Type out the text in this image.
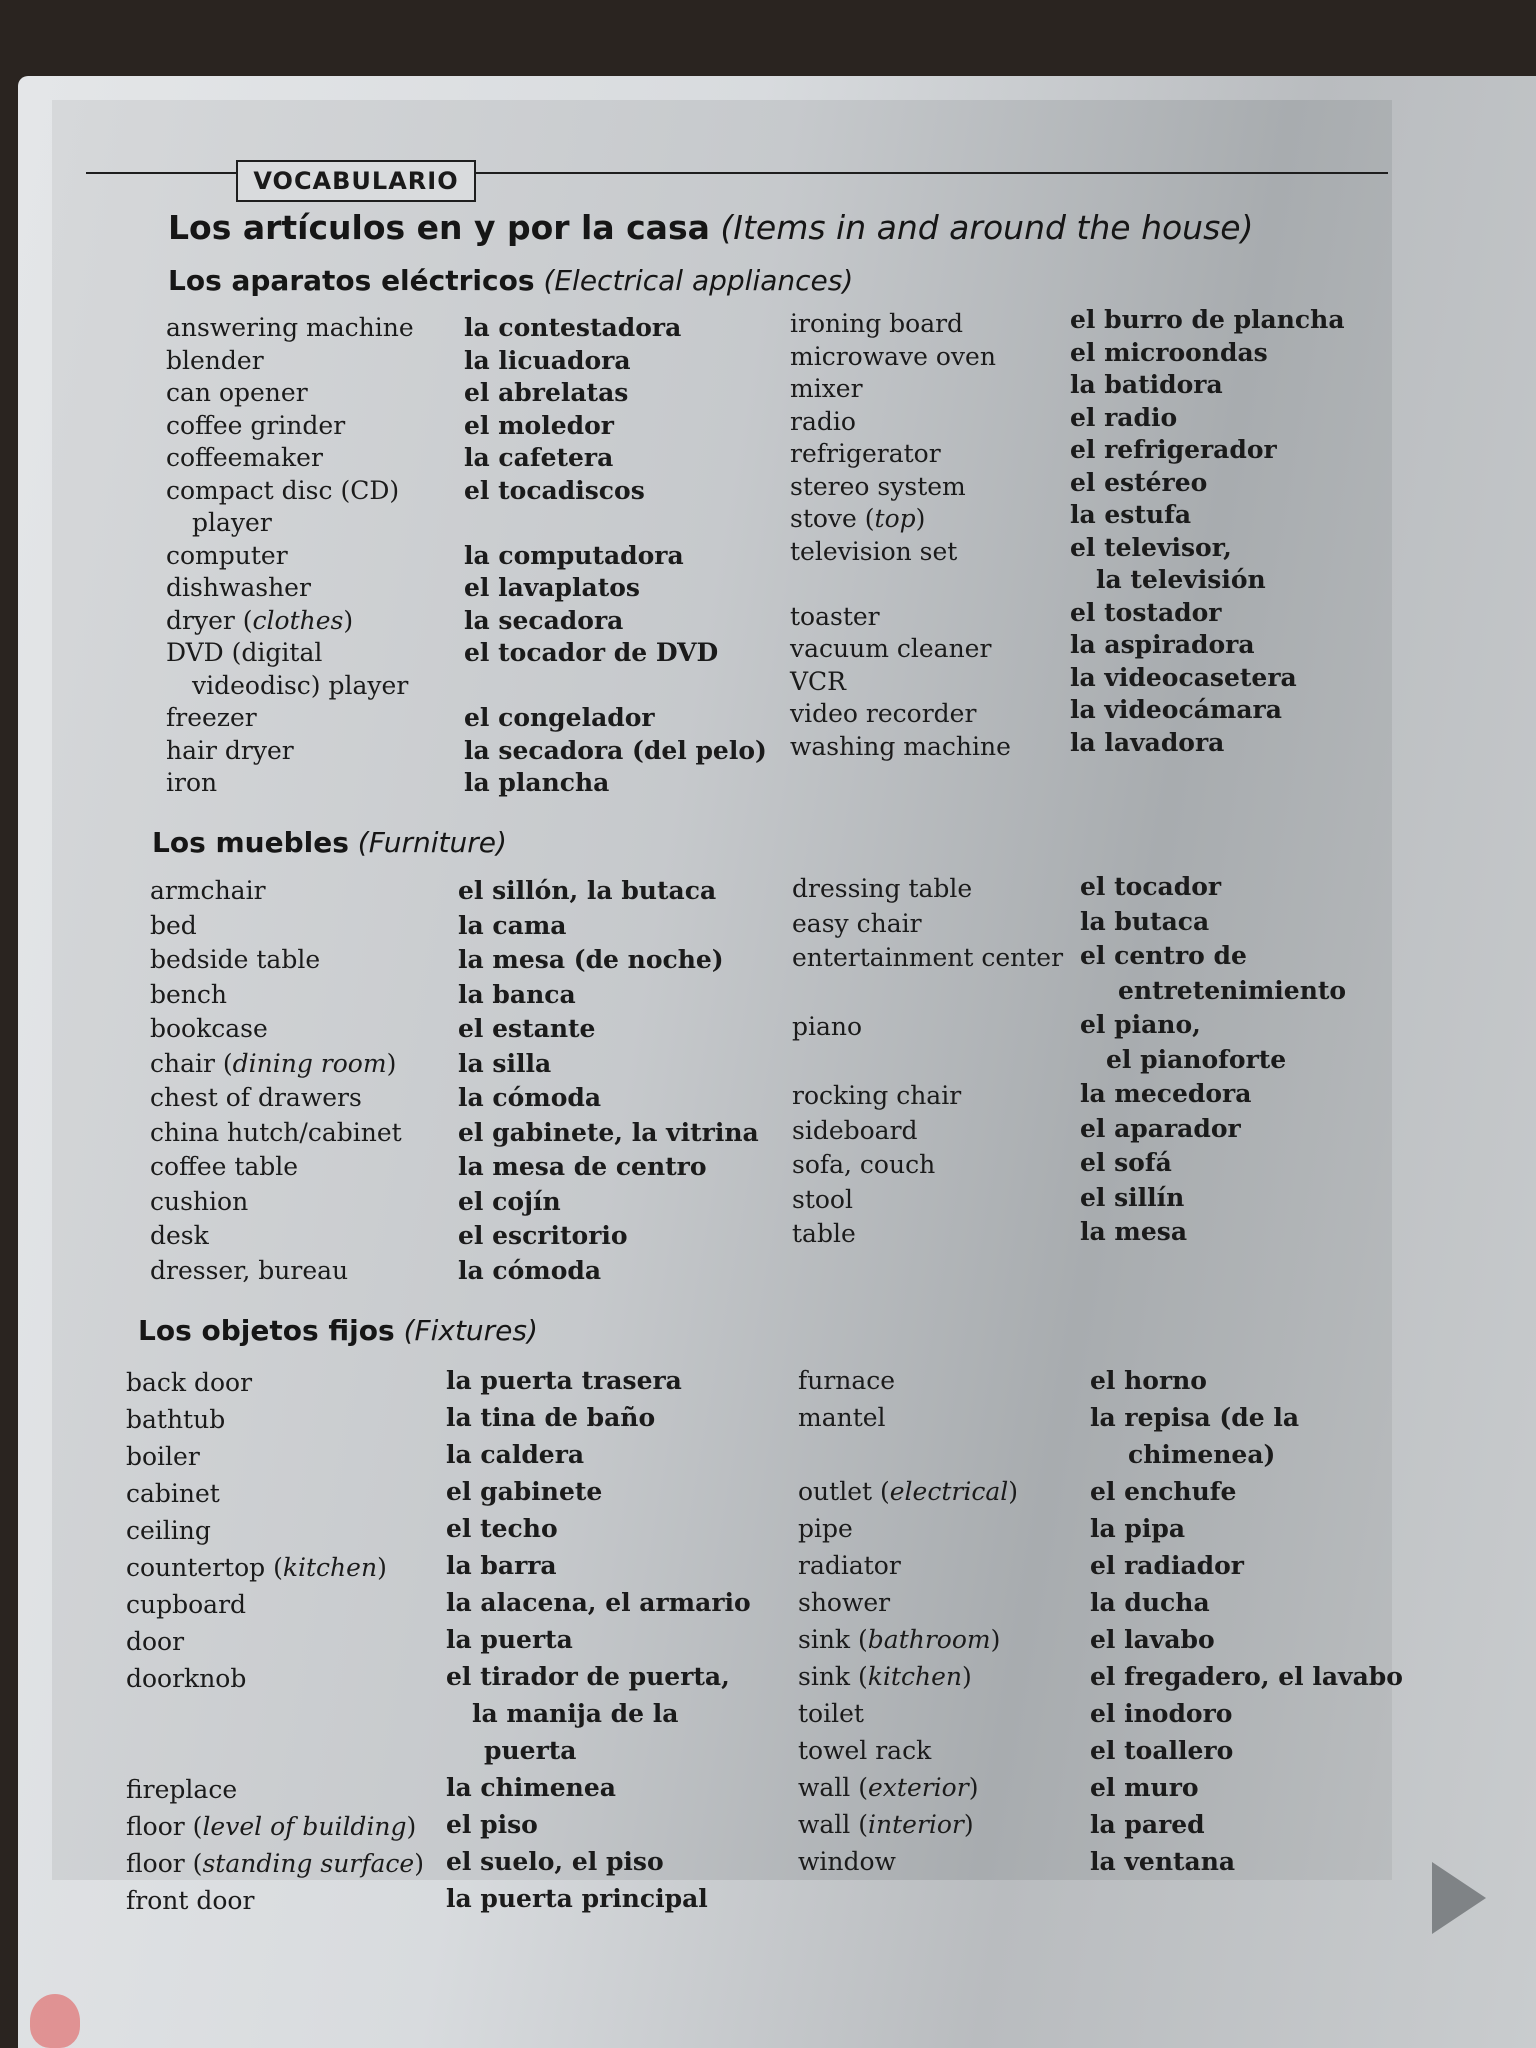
VOCABULARIO
Los artículos en y por la casa (Items in and around the house)
Los aparatos eléctricos (Electrical appliances)
answering machine
blender
can opener
coffee grinder
coffeemaker
compact disc (CD)
player
computer
dishwasher
dryer (clothes)
DVD (digital
videodisc) player
freezer
hair dryer
iron
la contestadora
la licuadora
el abrelatas
el moledor
la cafetera
el tocadiscos

la computadora
el lavaplatos
la secadora
el tocador de DVD

el congelador
la secadora (del pelo)
la plancha
ironing board
microwave oven
mixer
radio
refrigerator
stereo system
stove (top)
television set

toaster
vacuum cleaner
VCR
video recorder
washing machine
el burro de plancha
el microondas
la batidora
el radio
el refrigerador
el estéreo
la estufa
el televisor,
la televisión
el tostador
la aspiradora
la videocasetera
la videocámara
la lavadora
Los muebles (Furniture)
armchair
bed
bedside table
bench
bookcase
chair (dining room)
chest of drawers
china hutch/cabinet
coffee table
cushion
desk
dresser, bureau
el sillón, la butaca
la cama
la mesa (de noche)
la banca
el estante
la silla
la cómoda
el gabinete, la vitrina
la mesa de centro
el cojín
el escritorio
la cómoda
dressing table
easy chair
entertainment center

piano

rocking chair
sideboard
sofa, couch
stool
table
el tocador
la butaca
el centro de
entretenimiento
el piano,
el pianoforte
la mecedora
el aparador
el sofá
el sillín
la mesa
Los objetos fijos (Fixtures)
back door
bathtub
boiler
cabinet
ceiling
countertop (kitchen)
cupboard
door
doorknob

fireplace
floor (level of building)
floor (standing surface)
front door
la puerta trasera
la tina de baño
la caldera
el gabinete
el techo
la barra
la alacena, el armario
la puerta
el tirador de puerta,
la manija de la
puerta
la chimenea
el piso
el suelo, el piso
la puerta principal
furnace
mantel

outlet (electrical)
pipe
radiator
shower
sink (bathroom)
sink (kitchen)
toilet
towel rack
wall (exterior)
wall (interior)
window
el horno
la repisa (de la
chimenea)
el enchufe
la pipa
el radiador
la ducha
el lavabo
el fregadero, el lavabo
el inodoro
el toallero
el muro
la pared
la ventana
